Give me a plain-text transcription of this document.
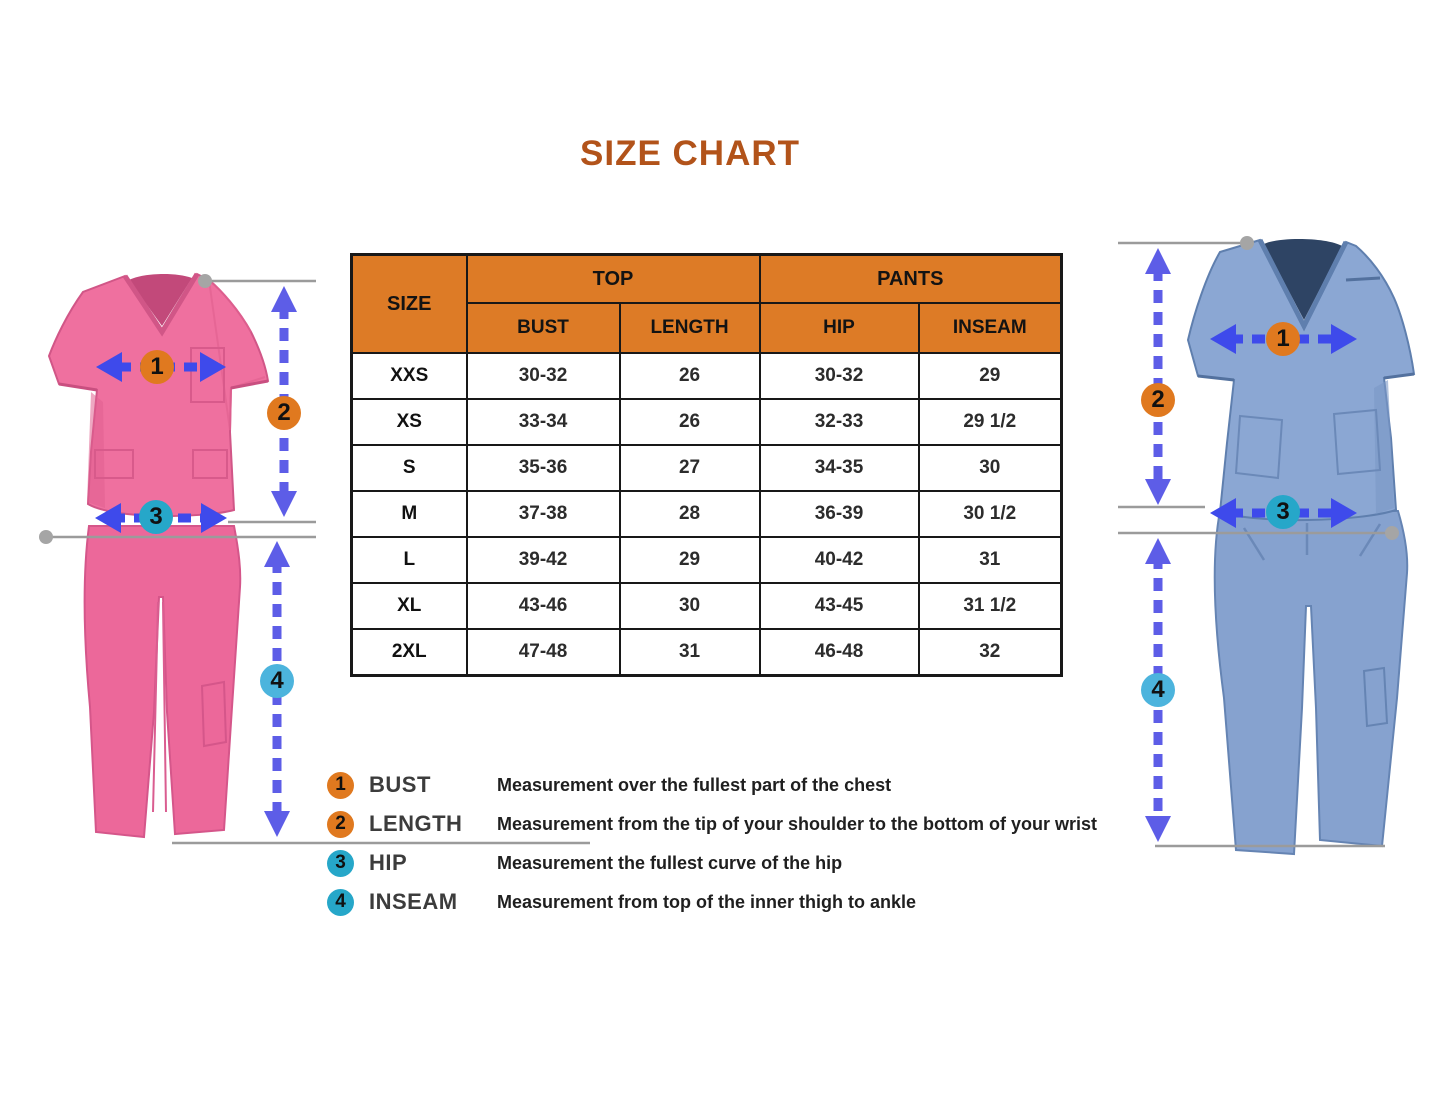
SIZE CHART
1
2
3
4
1
2
3
4
SIZE	TOP		PANTS	
	BUST	LENGTH	HIP	INSEAM
XXS	30-32	26	30-32	29
XS	33-34	26	32-33	29 1/2
S	35-36	27	34-35	30
M	37-38	28	36-39	30 1/2
L	39-42	29	40-42	31
XL	43-46	30	43-45	31 1/2
2XL	47-48	31	46-48	32
1 BUST	Measurement over the fullest part of the chest
2 LENGTH	Measurement from the tip of your shoulder to the bottom of your wrist
3 HIP	Measurement the fullest curve of the hip
4 INSEAM	Measurement from top of the inner thigh to ankle
